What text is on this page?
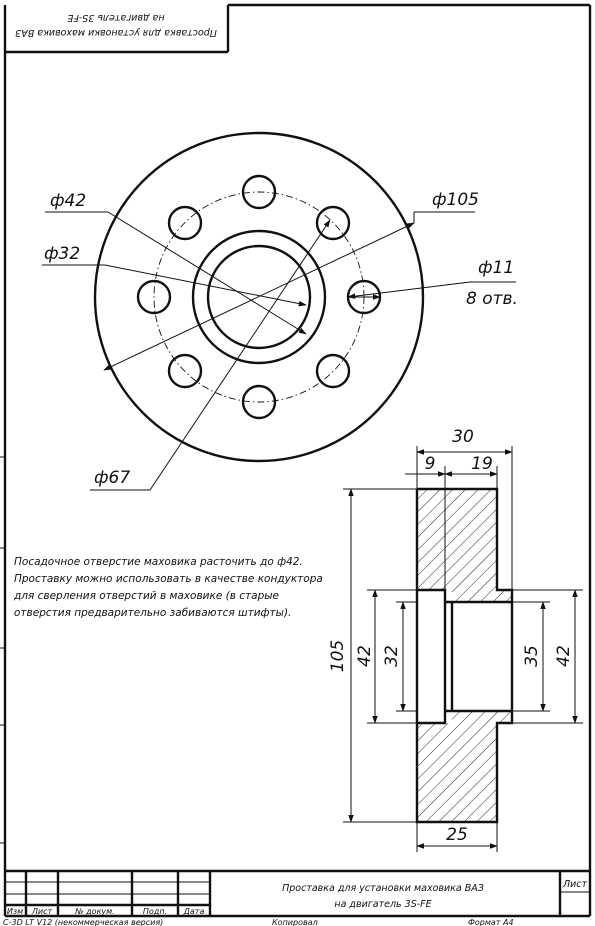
Проставка для установки маховика ВАЗ
на двигатель 3S-FE
ф42	ф105
ф32
ф11
8 отв.
ф67
30
9 19
25
105 42 32	35 42
Посадочное отверстие маховика расточить до ф42.
Проставку можно использовать в качестве кондуктора
для сверления отверстий в маховике (в старые
отверстия предварительно забиваются штифты).
Проставка для установки маховика ВАЗ
на двигатель 3S-FE
Лист
Изм Лист	№ докум.	Подп. Дата
С-3D LT V12 (некоммерческая версия)	Копировал	Формат А4
